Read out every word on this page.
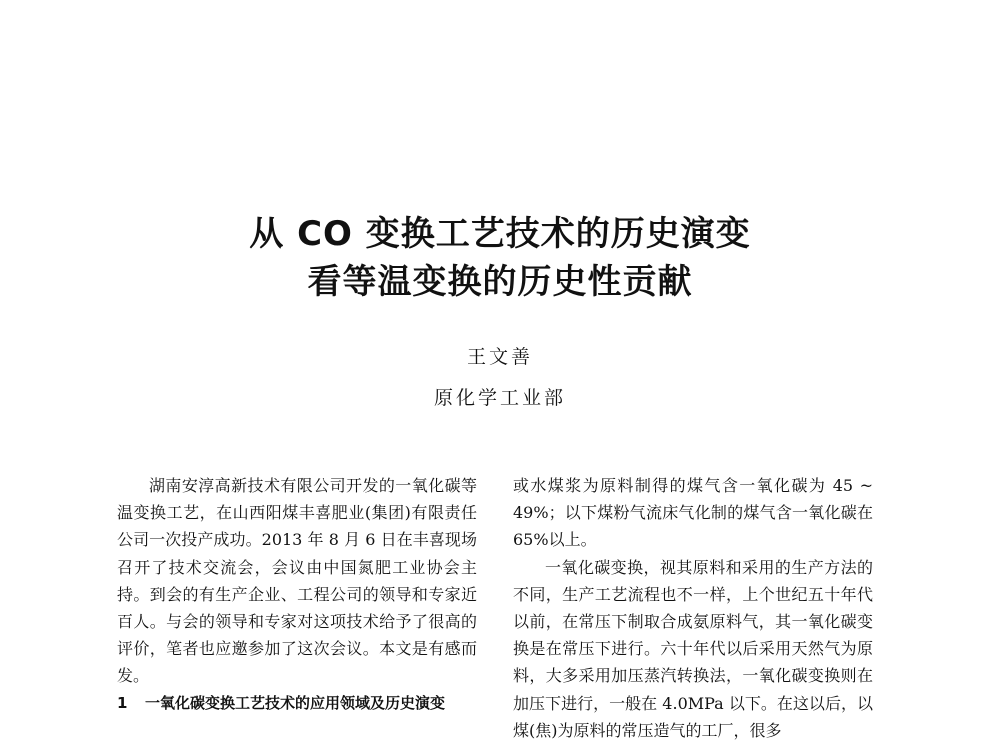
从 CO 变换工艺技术的历史演变
看等温变换的历史性贡献
王文善
原化学工业部

湖南安淳高新技术有限公司开发的一氧化碳等温变换工艺，在山西阳煤丰喜肥业(集团)有限责任公司一次投产成功。2013 年 8 月 6 日在丰喜现场召开了技术交流会，会议由中国氮肥工业协会主持。到会的有生产企业、工程公司的领导和专家近百人。与会的领导和专家对这项技术给予了很高的评价，笔者也应邀参加了这次会议。本文是有感而发。

1 一氧化碳变换工艺技术的应用领域及历史演变

或水煤浆为原料制得的煤气含一氧化碳为 45 ~ 49%；以下煤粉气流床气化制的煤气含一氧化碳在 65%以上。

一氧化碳变换，视其原料和采用的生产方法的不同，生产工艺流程也不一样，上个世纪五十年代以前，在常压下制取合成氨原料气，其一氧化碳变换是在常压下进行。六十年代以后采用天然气为原料，大多采用加压蒸汽转换法，一氧化碳变换则在加压下进行，一般在 4.0MPa 以下。在这以后，以煤(焦)为原料的常压造气的工厂，很多
